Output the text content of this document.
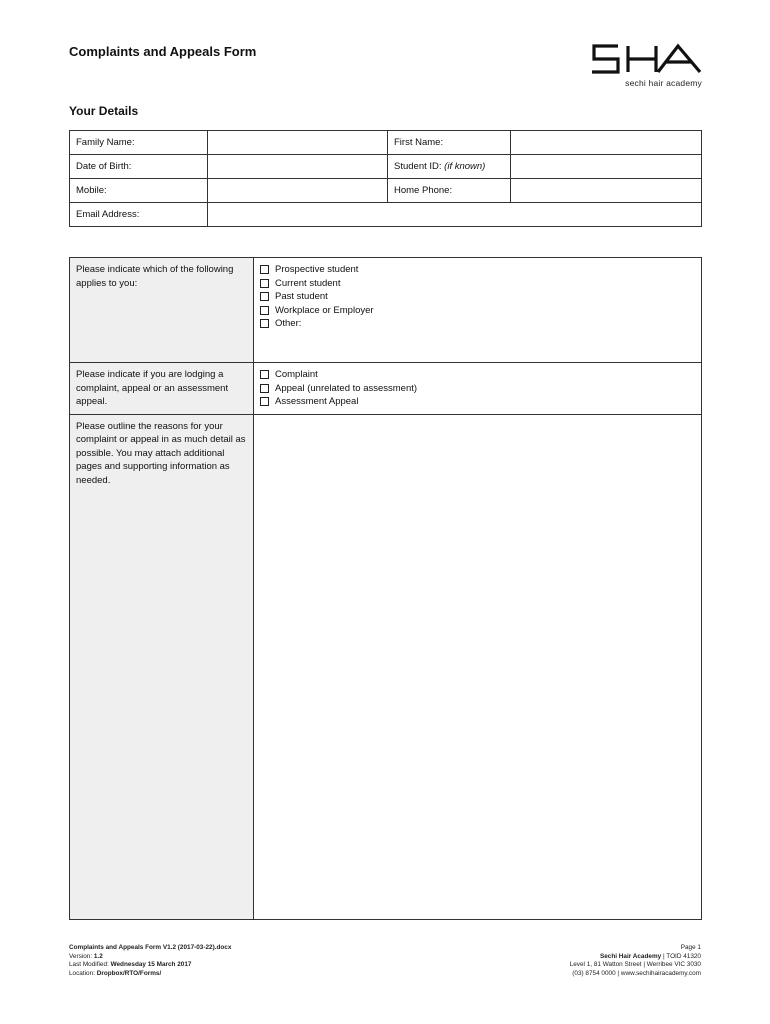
Complaints and Appeals Form
sechi hair academy
Your Details
Family Name:		First Name:	
Date of Birth:		Student ID: (if known)	
Mobile:		Home Phone:	
Email Address:			
Please indicate which of the following applies to you:	Prospective student
Current student
Past student
Workplace or Employer
Other:

Please indicate if you are lodging a complaint, appeal or an assessment appeal.	Complaint
Appeal (unrelated to assessment)
Assessment Appeal

Please outline the reasons for your complaint or appeal in as much detail as possible. You may attach additional pages and supporting information as needed.	
Complaints and Appeals Form V1.2 (2017-03-22).docx
Version: 1.2
Last Modified: Wednesday 15 March 2017
Location: Dropbox/RTO/Forms/
Page 1
Sechi Hair Academy | TOID 41320
Level 1, 81 Watton Street | Werribee VIC 3030
(03) 8754 0000 | www.sechihairacademy.com
